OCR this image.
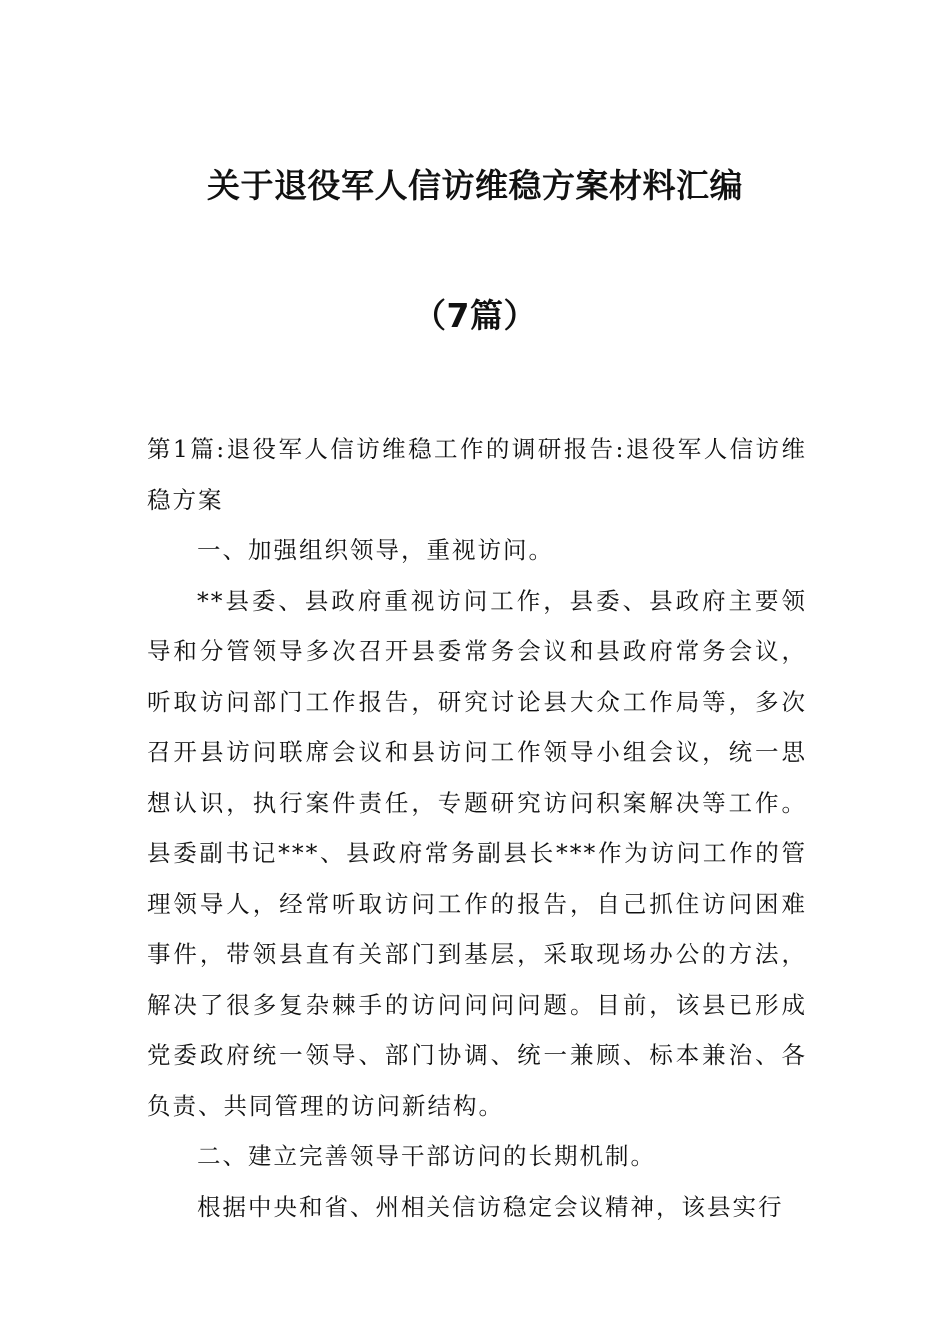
关于退役军人信访维稳方案材料汇编
（7篇）

第1篇:退役军人信访维稳工作的调研报告:退役军人信访维稳方案

一、加强组织领导，重视访问。

**县委、县政府重视访问工作，县委、县政府主要领导和分管领导多次召开县委常务会议和县政府常务会议，听取访问部门工作报告，研究讨论县大众工作局等，多次召开县访问联席会议和县访问工作领导小组会议，统一思想认识，执行案件责任，专题研究访问积案解决等工作。县委副书记***、县政府常务副县长***作为访问工作的管理领导人，经常听取访问工作的报告，自己抓住访问困难事件，带领县直有关部门到基层，采取现场办公的方法，解决了很多复杂棘手的访问问问问题。目前，该县已形成党委政府统一领导、部门协调、统一兼顾、标本兼治、各负责、共同管理的访问新结构。

二、建立完善领导干部访问的长期机制。

根据中央和省、州相关信访稳定会议精神，该县实行
